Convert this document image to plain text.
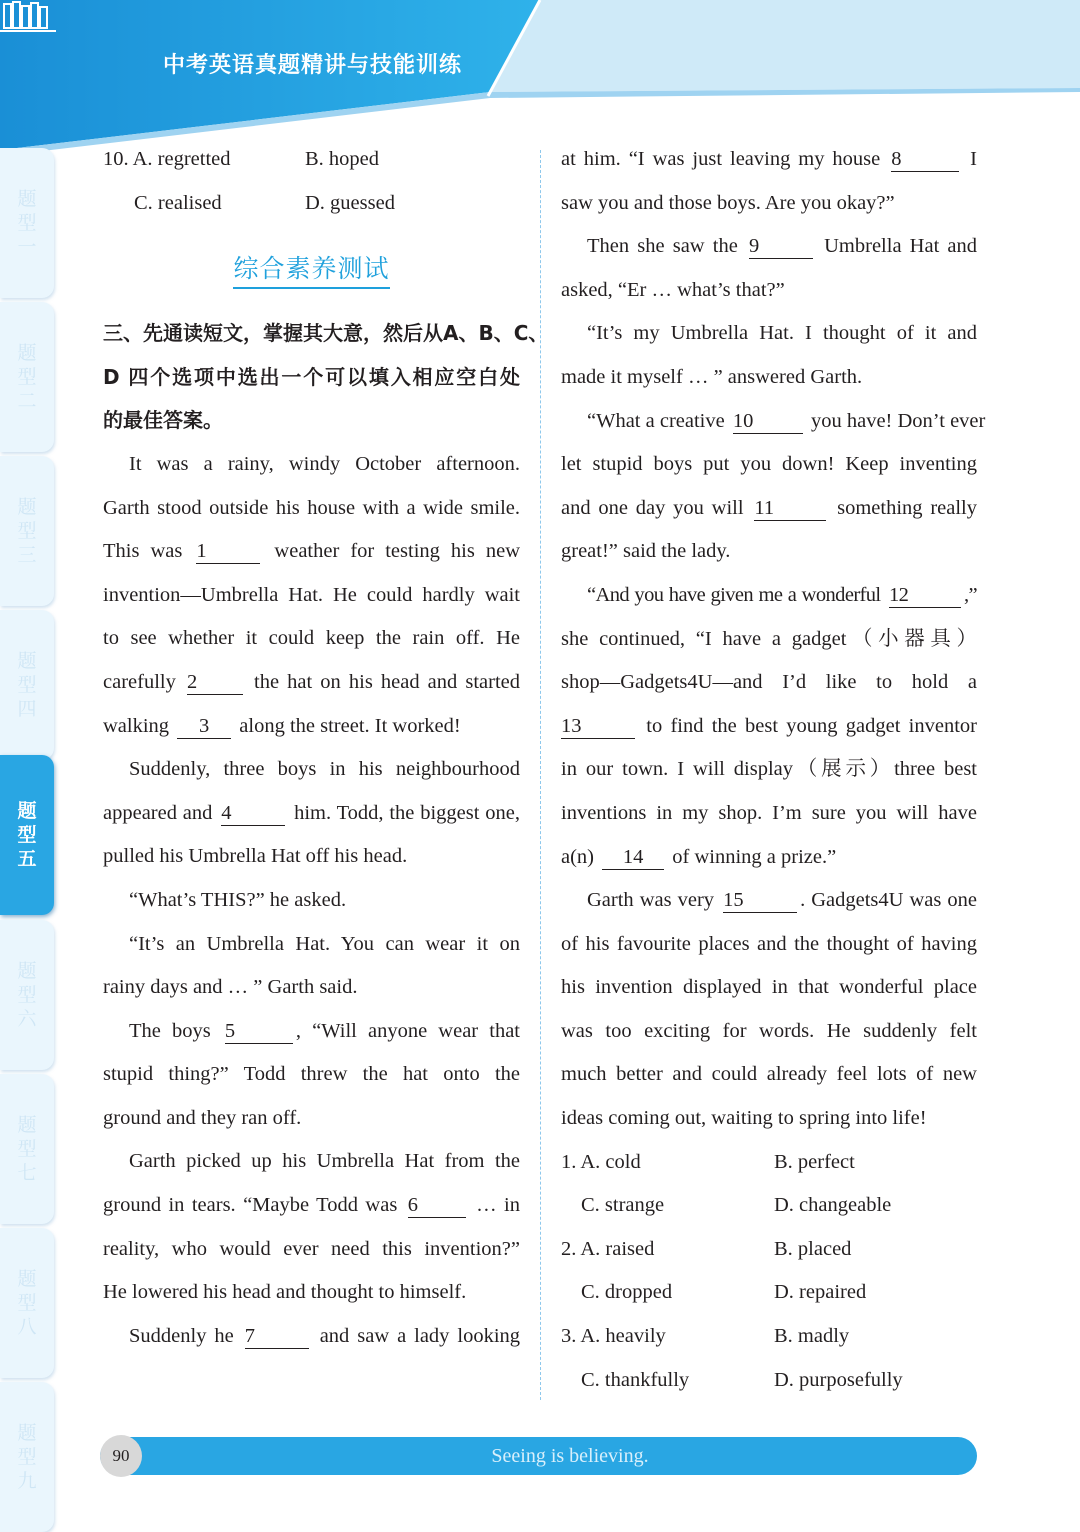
中考英语真题精讲与技能训练
题型一
题型二
题型三
题型四
题型五
题型六
题型七
题型八
题型九
10. A. regretted	B. hoped
C. realised	D. guessed
综合素养测试
三、先通读短文，掌握其大意，然后从A、B、C、
D 四个选项中选出一个可以填入相应空白处
的最佳答案。
It was a rainy, windy October afternoon.
Garth stood outside his house with a wide smile.
This was 1	weather for testing his new
invention—Umbrella Hat. He could hardly wait
to see whether it could keep the rain off. He
carefully 2	the hat on his head and started
walking 3 along the street. It worked!
Suddenly, three boys in his neighbourhood
appeared and 4	him. Todd, the biggest one,
pulled his Umbrella Hat off his head.
“What’s THIS?” he asked.
“It’s an Umbrella Hat. You can wear it on
rainy days and … ” Garth said.
The boys 5	, “Will anyone wear that
stupid thing?” Todd threw the hat onto the
ground and they ran off.
Garth picked up his Umbrella Hat from the
ground in tears. “Maybe Todd was 6	… in
reality, who would ever need this invention?”
He lowered his head and thought to himself.
Suddenly he 7	and saw a lady looking
at him. “I was just leaving my house 8	I
saw you and those boys. Are you okay?”
Then she saw the 9	Umbrella Hat and
asked, “Er … what’s that?”
“It’s my Umbrella Hat. I thought of it and
made it myself … ” answered Garth.
“What a creative 10	you have! Don’t ever
let stupid boys put you down! Keep inventing
and one day you will 11	something really
great!” said the lady.
“And you have given me a wonderful 12	,”
she continued, “I have a gadget（小器具）
shop—Gadgets4U—and I’d like to hold a
13	to find the best young gadget inventor
in our town. I will display（展示）three best
inventions in my shop. I’m sure you will have
a(n) 14 of winning a prize.”
Garth was very 15	. Gadgets4U was one
of his favourite places and the thought of having
his invention displayed in that wonderful place
was too exciting for words. He suddenly felt
much better and could already feel lots of new
ideas coming out, waiting to spring into life!
1. A. cold	B. perfect
C. strange	D. changeable
2. A. raised	B. placed
C. dropped	D. repaired
3. A. heavily	B. madly
C. thankfully	D. purposefully
Seeing is believing.
90
